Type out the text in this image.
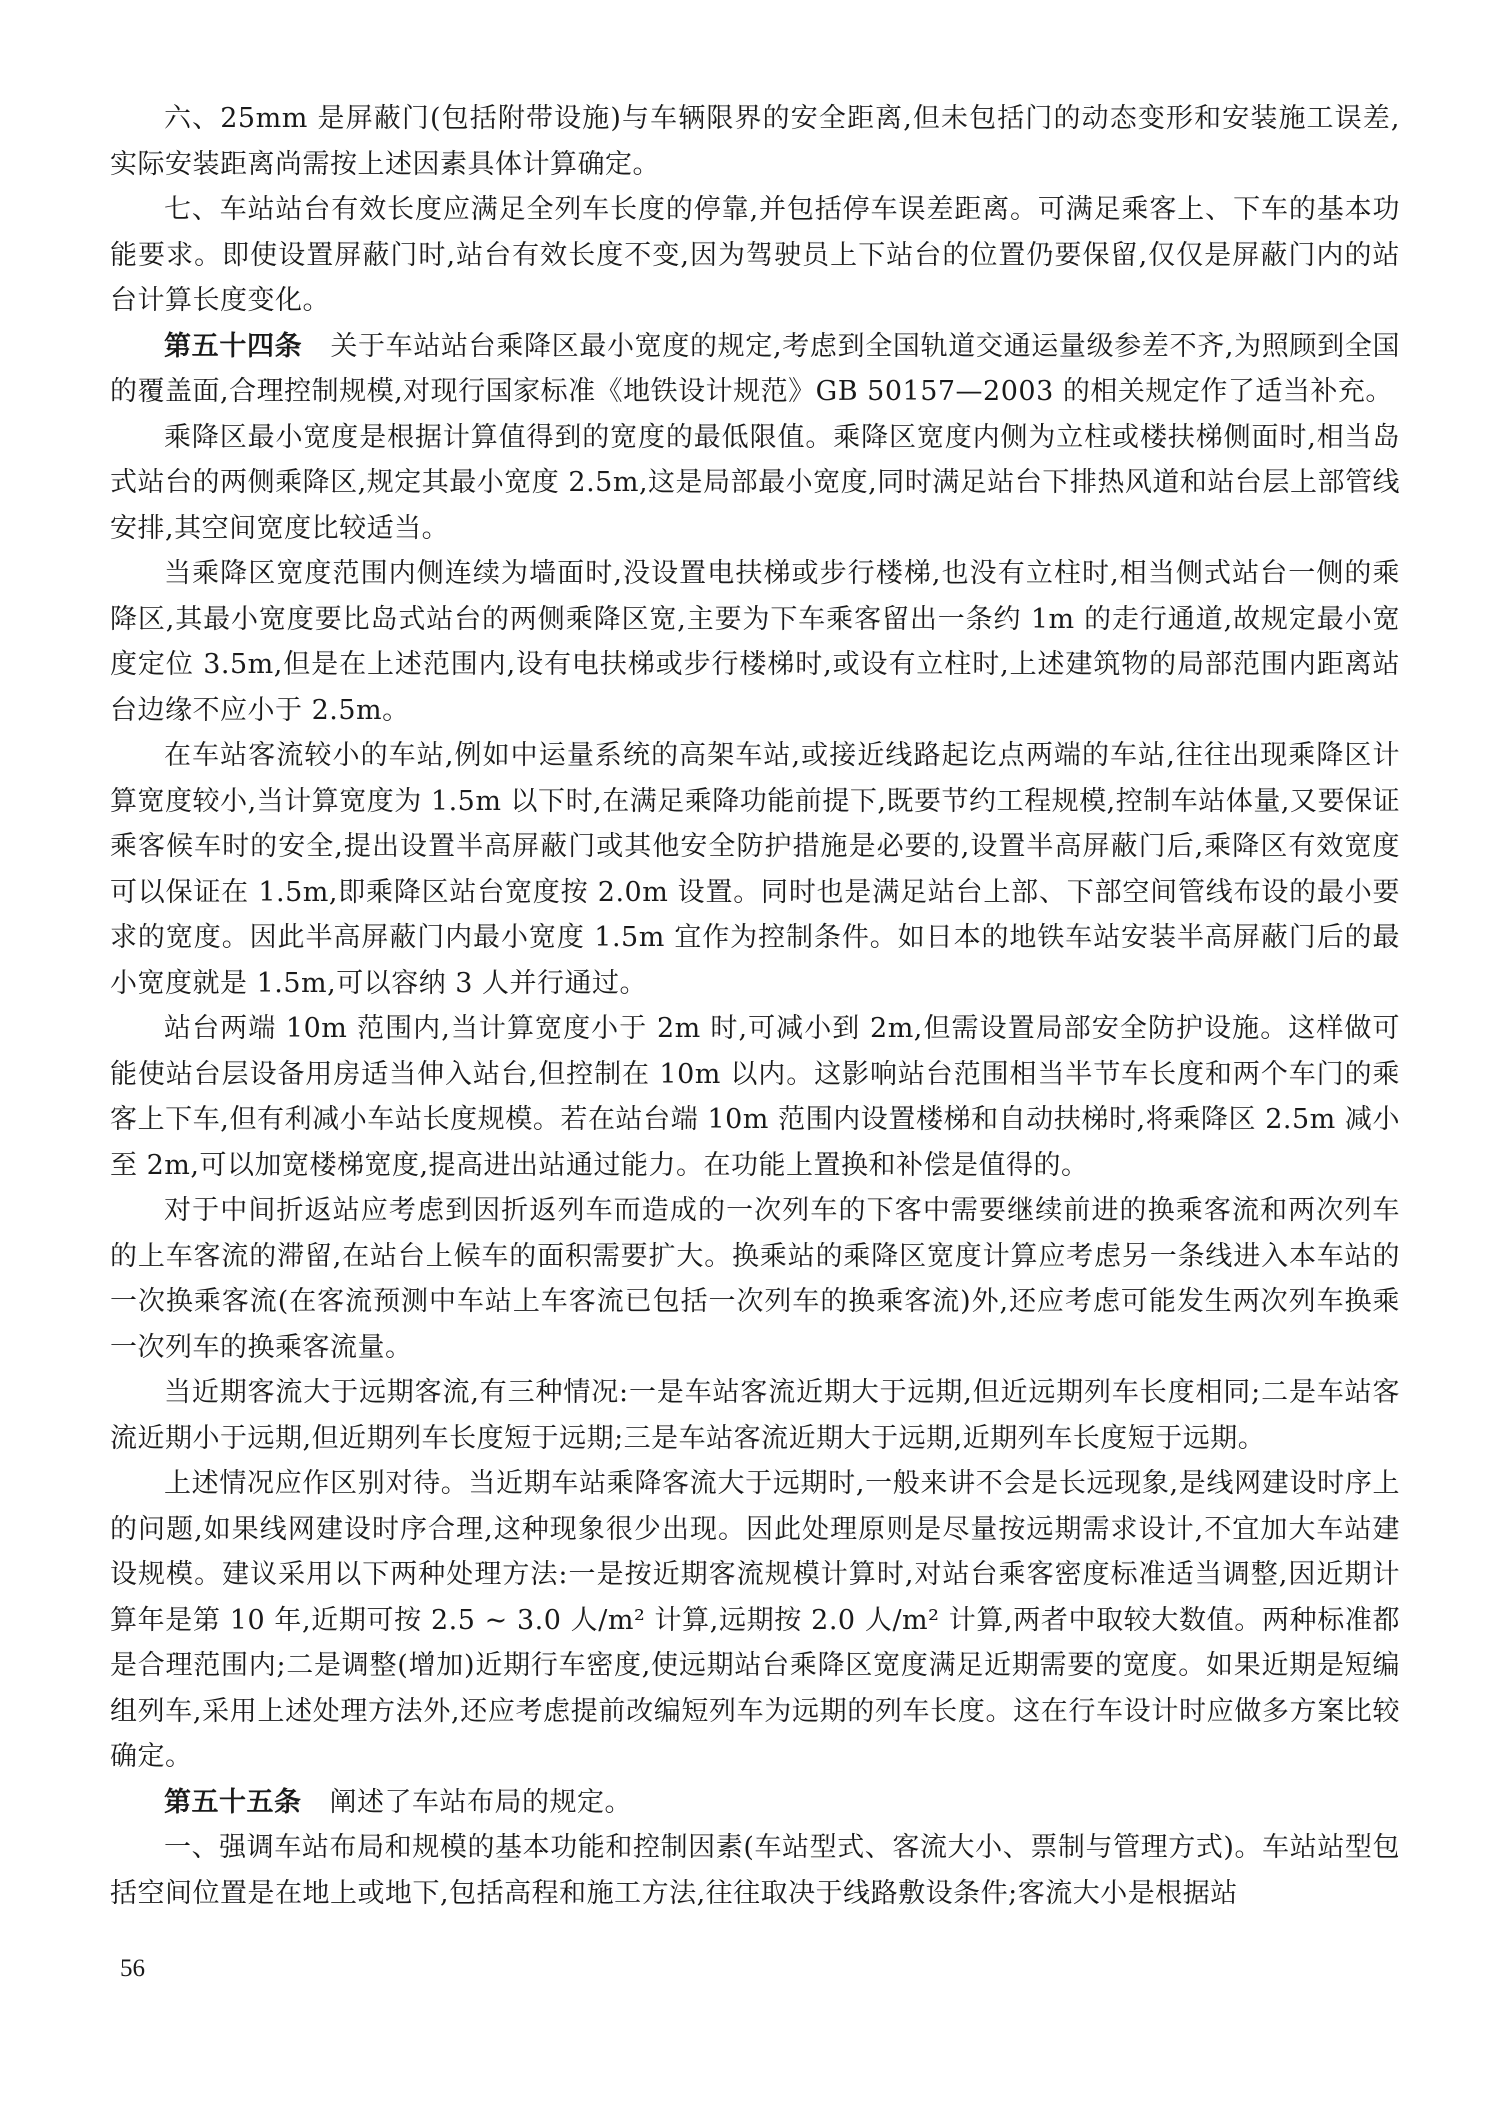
六、25mm 是屏蔽门(包括附带设施)与车辆限界的安全距离,但未包括门的动态变形和安装施工误差,实际安装距离尚需按上述因素具体计算确定。

七、车站站台有效长度应满足全列车长度的停靠,并包括停车误差距离。可满足乘客上、下车的基本功能要求。即使设置屏蔽门时,站台有效长度不变,因为驾驶员上下站台的位置仍要保留,仅仅是屏蔽门内的站台计算长度变化。

第五十四条 关于车站站台乘降区最小宽度的规定,考虑到全国轨道交通运量级参差不齐,为照顾到全国的覆盖面,合理控制规模,对现行国家标准《地铁设计规范》GB 50157—2003 的相关规定作了适当补充。

乘降区最小宽度是根据计算值得到的宽度的最低限值。乘降区宽度内侧为立柱或楼扶梯侧面时,相当岛式站台的两侧乘降区,规定其最小宽度 2.5m,这是局部最小宽度,同时满足站台下排热风道和站台层上部管线安排,其空间宽度比较适当。

当乘降区宽度范围内侧连续为墙面时,没设置电扶梯或步行楼梯,也没有立柱时,相当侧式站台一侧的乘降区,其最小宽度要比岛式站台的两侧乘降区宽,主要为下车乘客留出一条约 1m 的走行通道,故规定最小宽度定位 3.5m,但是在上述范围内,设有电扶梯或步行楼梯时,或设有立柱时,上述建筑物的局部范围内距离站台边缘不应小于 2.5m。

在车站客流较小的车站,例如中运量系统的高架车站,或接近线路起讫点两端的车站,往往出现乘降区计算宽度较小,当计算宽度为 1.5m 以下时,在满足乘降功能前提下,既要节约工程规模,控制车站体量,又要保证乘客候车时的安全,提出设置半高屏蔽门或其他安全防护措施是必要的,设置半高屏蔽门后,乘降区有效宽度可以保证在 1.5m,即乘降区站台宽度按 2.0m 设置。同时也是满足站台上部、下部空间管线布设的最小要求的宽度。因此半高屏蔽门内最小宽度 1.5m 宜作为控制条件。如日本的地铁车站安装半高屏蔽门后的最小宽度就是 1.5m,可以容纳 3 人并行通过。

站台两端 10m 范围内,当计算宽度小于 2m 时,可减小到 2m,但需设置局部安全防护设施。这样做可能使站台层设备用房适当伸入站台,但控制在 10m 以内。这影响站台范围相当半节车长度和两个车门的乘客上下车,但有利减小车站长度规模。若在站台端 10m 范围内设置楼梯和自动扶梯时,将乘降区 2.5m 减小至 2m,可以加宽楼梯宽度,提高进出站通过能力。在功能上置换和补偿是值得的。

对于中间折返站应考虑到因折返列车而造成的一次列车的下客中需要继续前进的换乘客流和两次列车的上车客流的滞留,在站台上候车的面积需要扩大。换乘站的乘降区宽度计算应考虑另一条线进入本车站的一次换乘客流(在客流预测中车站上车客流已包括一次列车的换乘客流)外,还应考虑可能发生两次列车换乘一次列车的换乘客流量。

当近期客流大于远期客流,有三种情况:一是车站客流近期大于远期,但近远期列车长度相同;二是车站客流近期小于远期,但近期列车长度短于远期;三是车站客流近期大于远期,近期列车长度短于远期。

上述情况应作区别对待。当近期车站乘降客流大于远期时,一般来讲不会是长远现象,是线网建设时序上的问题,如果线网建设时序合理,这种现象很少出现。因此处理原则是尽量按远期需求设计,不宜加大车站建设规模。建议采用以下两种处理方法:一是按近期客流规模计算时,对站台乘客密度标准适当调整,因近期计算年是第 10 年,近期可按 2.5 ~ 3.0 人/m² 计算,远期按 2.0 人/m² 计算,两者中取较大数值。两种标准都是合理范围内;二是调整(增加)近期行车密度,使远期站台乘降区宽度满足近期需要的宽度。如果近期是短编组列车,采用上述处理方法外,还应考虑提前改编短列车为远期的列车长度。这在行车设计时应做多方案比较确定。

第五十五条 阐述了车站布局的规定。

一、强调车站布局和规模的基本功能和控制因素(车站型式、客流大小、票制与管理方式)。车站站型包括空间位置是在地上或地下,包括高程和施工方法,往往取决于线路敷设条件;客流大小是根据站

56
